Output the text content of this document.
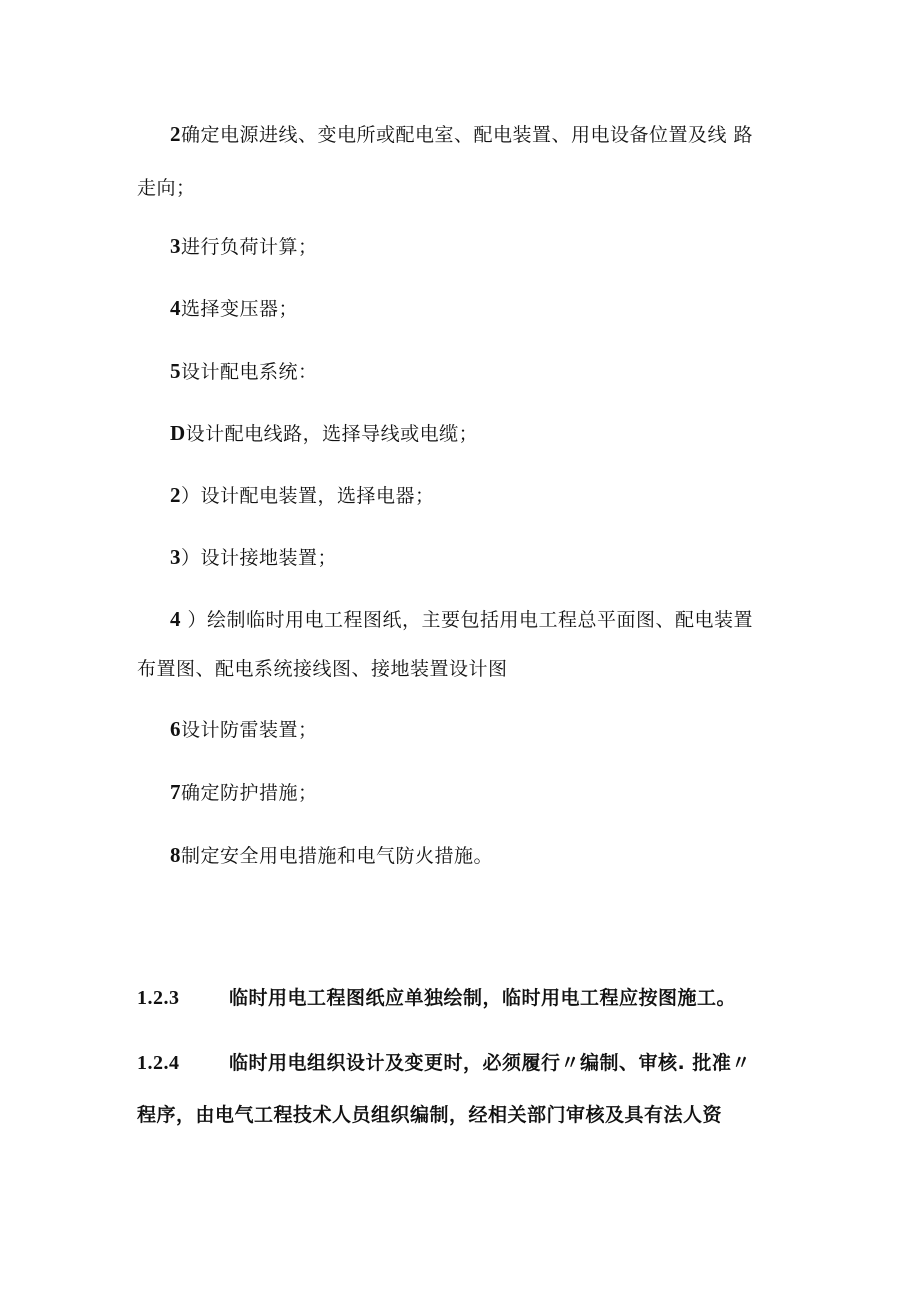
2确定电源进线、变电所或配电室、配电装置、用电设备位置及线 路
走向；
3进行负荷计算；
4选择变压器；
5设计配电系统：
D设计配电线路，选择导线或电缆；
2）设计配电装置，选择电器；
3）设计接地装置；
4 ）绘制临时用电工程图纸，主要包括用电工程总平面图、配电装置
布置图、配电系统接线图、接地装置设计图
6设计防雷装置；
7确定防护措施；
8制定安全用电措施和电气防火措施。
1.2.3	临时用电工程图纸应单独绘制，临时用电工程应按图施工。
1.2.4	临时用电组织设计及变更时，必须履行〃编制、审核. 批准〃
程序，由电气工程技术人员组织编制，经相关部门审核及具有法人资
